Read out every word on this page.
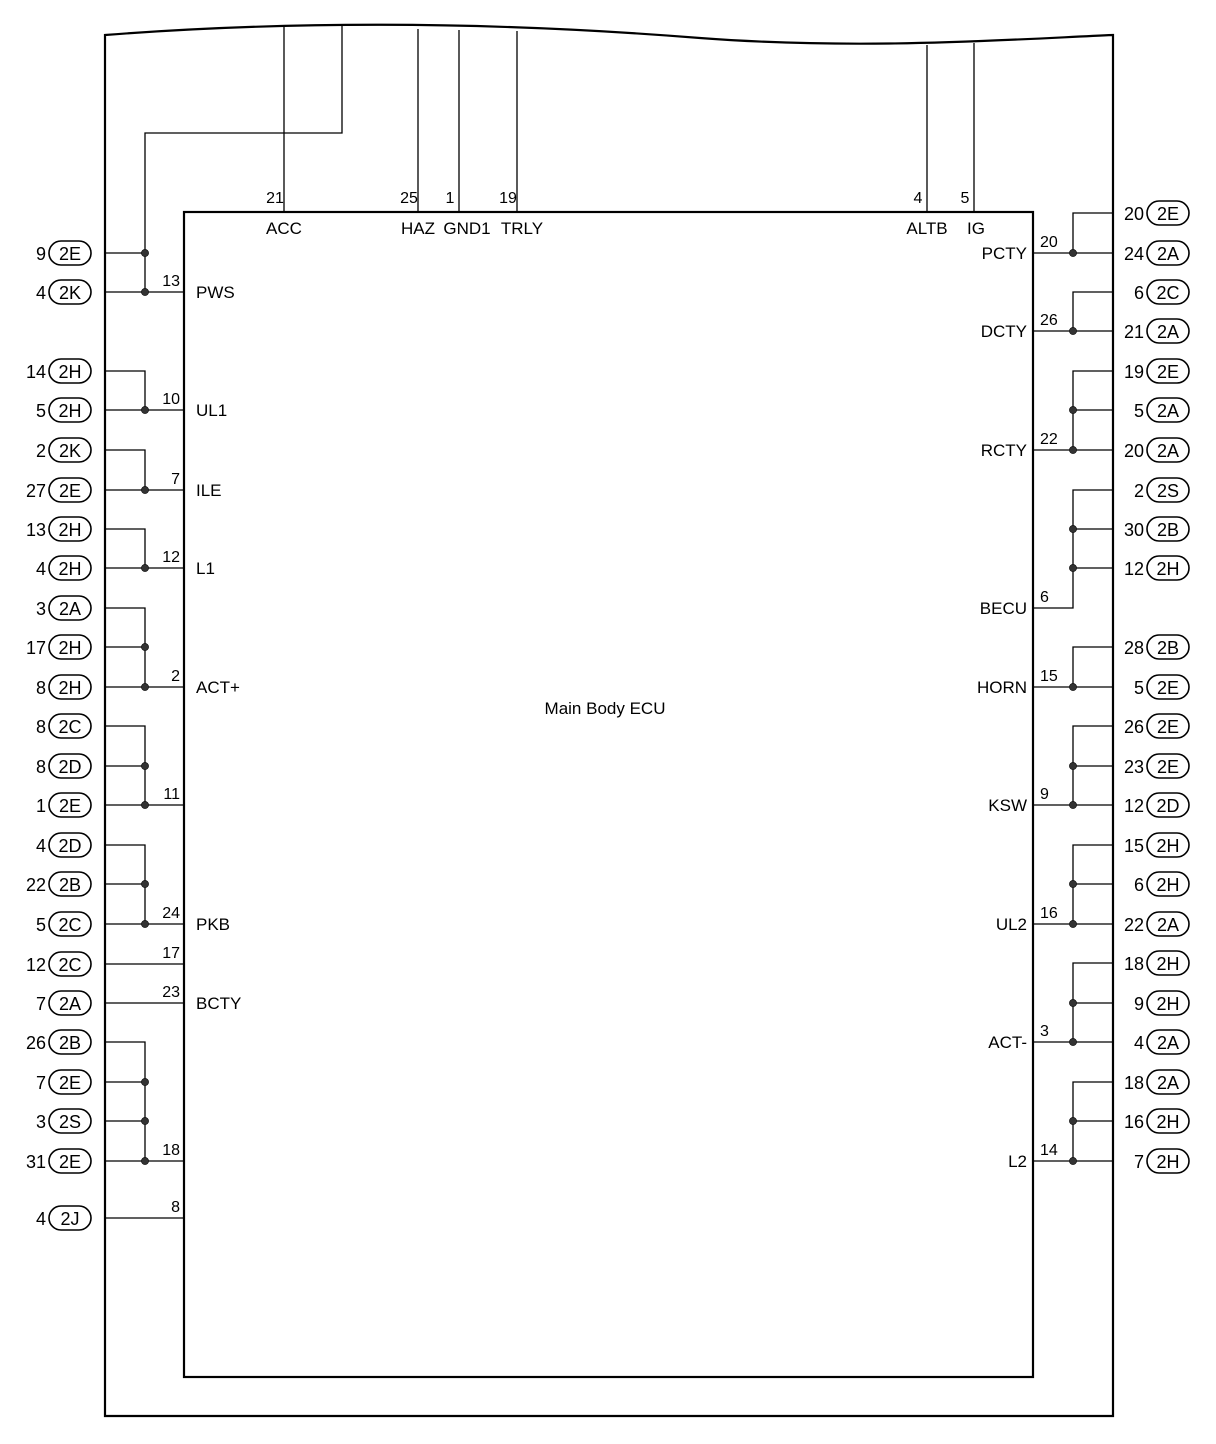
Main Body ECU
21
ACC
25
HAZ
1
GND1
19
TRLY
4
ALTB
5
IG
13
PWS
10
UL1
7
ILE
12
L1
2
ACT+
11
24
PKB
17
23
BCTY
18
8
20
PCTY
26
DCTY
22
RCTY
6
BECU
15
HORN
9
KSW
16
UL2
3
ACT-
14
L2
2E
9
2K
4
2H
14
2H
5
2K
2
2E
27
2H
13
2H
4
2A
3
2H
17
2H
8
2C
8
2D
8
2E
1
2D
4
2B
22
2C
5
2C
12
2A
7
2B
26
2E
7
2S
3
2E
31
2J
4
2E
20
2A
24
2C
6
2A
21
2E
19
2A
5
2A
20
2S
2
2B
30
2H
12
2B
28
2E
5
2E
26
2E
23
2D
12
2H
15
2H
6
2A
22
2H
18
2H
9
2A
4
2A
18
2H
16
2H
7
